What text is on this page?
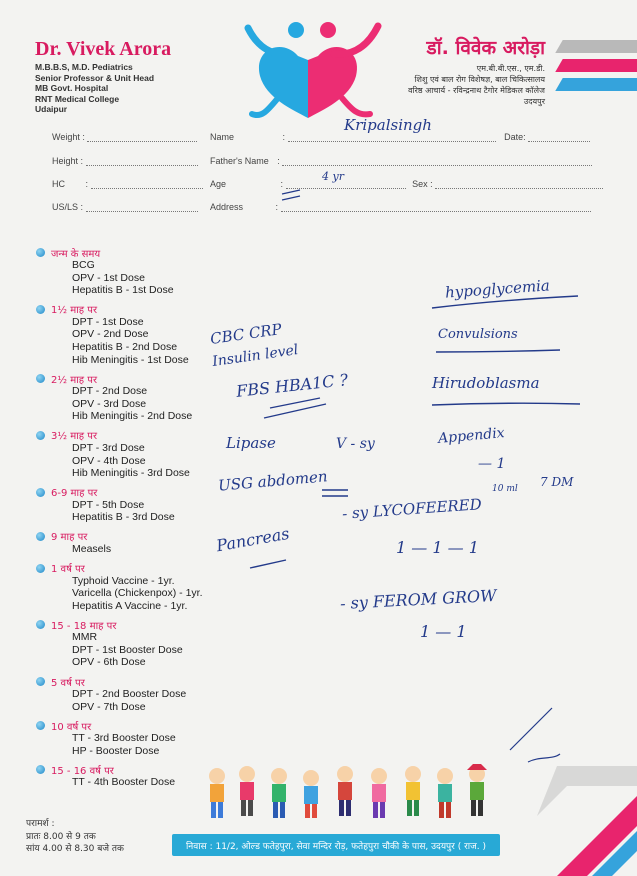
Dr. Vivek Arora
M.B.B.S, M.D. Pediatrics
Senior Professor & Unit Head
MB Govt. Hospital
RNT Medical College
Udaipur
डॉ. विवेक अरोड़ा
एम.बी.बी.एस., एम.डी.
शिशु एवं बाल रोग विशेषज्ञ, बाल चिकित्सालय
वरिष्ठ आचार्य - रविन्द्रनाथ टैगोर मेडिकल कॉलेज
उदयपुर
Weight :
Height :
HC :
US/LS :
Name	:	Date:
Father's Name :
Age	:	Sex :
Address	:
Kripalsingh
4 yr
जन्म के समय
BCG
OPV - 1st Dose
Hepatitis B - 1st Dose
1½ माह पर
DPT - 1st Dose
OPV - 2nd Dose
Hepatitis B - 2nd Dose
Hib Meningitis - 1st Dose
2½ माह पर
DPT - 2nd Dose
OPV - 3rd Dose
Hib Meningitis - 2nd Dose
3½ माह पर
DPT - 3rd Dose
OPV - 4th Dose
Hib Meningitis - 3rd Dose
6-9 माह पर
DPT - 5th Dose
Hepatitis B - 3rd Dose
9 माह पर
Measels
1 वर्ष पर
Typhoid Vaccine - 1yr.
Varicella (Chickenpox) - 1yr.
Hepatitis A Vaccine - 1yr.
15 - 18 माह पर
MMR
DPT - 1st Booster Dose
OPV - 6th Dose
5 वर्ष पर
DPT - 2nd Booster Dose
OPV - 7th Dose
10 वर्ष पर
TT - 3rd Booster Dose
HP - Booster Dose
15 - 16 वर्ष पर
TT - 4th Booster Dose
hypoglycemia
Convulsions
Hirudoblasma
Appendix
CBC CRP
Insulin level
FBS HBA1C ?
Lipase
USG abdomen
Pancreas
V - sy
- sy LYCOFEERED
10 ml 7 DM
— 1
1 — 1 — 1
- sy FEROM GROW
1 — 1
परामर्श :
प्रातः 8.00 से 9 तक
सांय 4.00 से 8.30 बजे तक	निवास : 11/2, ओल्ड फतेहपुरा, सेवा मन्दिर रोड़, फतेहपुरा चौकी के पास, उदयपुर ( राज. )
